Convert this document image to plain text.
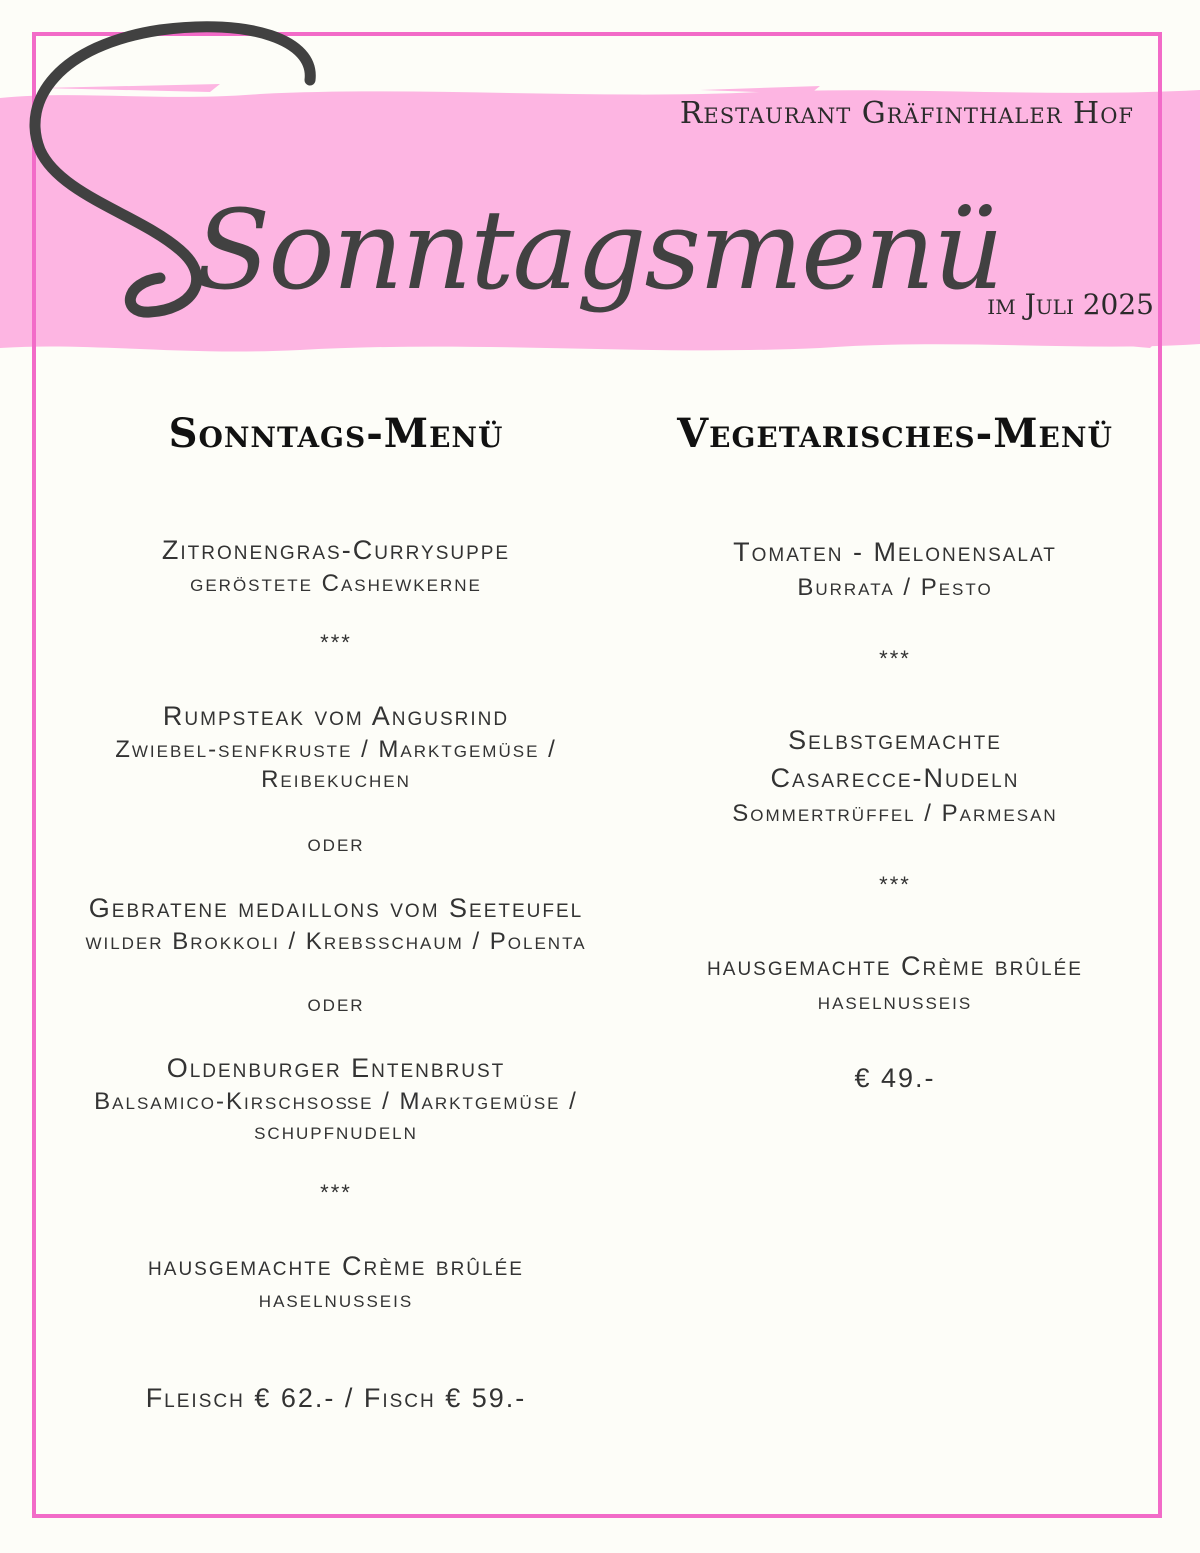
Sonntagsmenü
Restaurant Gräfinthaler Hof
im Juli 2025
Sonntags-Menü
Zitronengras-Currysuppe
geröstete Cashewkerne
***
Rumpsteak vom Angusrind
Zwiebel-senfkruste / Marktgemüse /
Reibekuchen
oder
Gebratene medaillons vom Seeteufel
wilder Brokkoli / Krebsschaum / Polenta
oder
Oldenburger Entenbrust
Balsamico-Kirschsoße / Marktgemüse /
schupfnudeln
***
hausgemachte Crème brûlée
haselnusseis
Fleisch € 62.- / Fisch € 59.-
Vegetarisches-Menü
Tomaten - Melonensalat
Burrata / Pesto
***
Selbstgemachte
Casarecce-Nudeln
Sommertrüffel / Parmesan
***
hausgemachte Crème brûlée
haselnusseis
€ 49.-
